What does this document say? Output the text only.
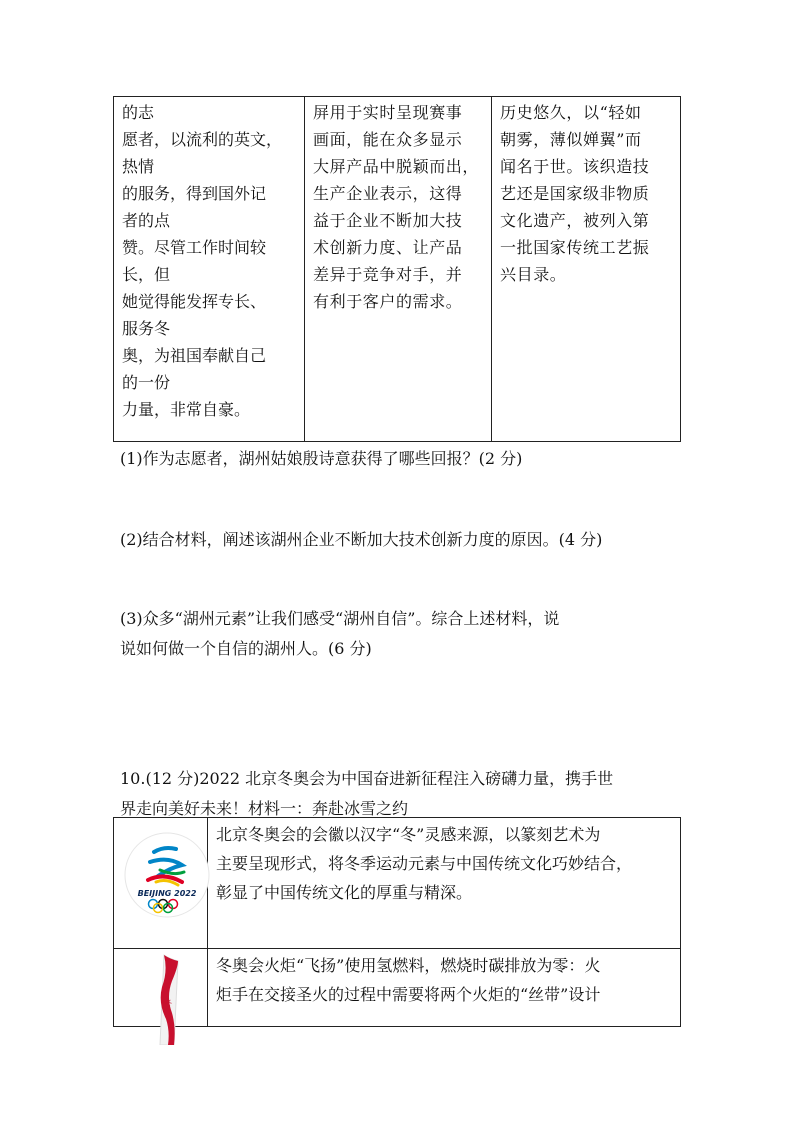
的志
愿者，以流利的英文，
热情
的服务，得到国外记
者的点
赞。尽管工作时间较
长，但
她觉得能发挥专长、
服务冬
奥，为祖国奉献自己
的一份
力量，非常自豪。

屏用于实时呈现赛事
画面，能在众多显示
大屏产品中脱颖而出，
生产企业表示，这得
益于企业不断加大技
术创新力度、让产品
差异于竞争对手，并
有利于客户的需求。

历史悠久，以“轻如
朝雾，薄似婵翼”而
闻名于世。该织造技
艺还是国家级非物质
文化遗产，被列入第
一批国家传统工艺振
兴目录。
(1)作为志愿者，湖州姑娘殷诗意获得了哪些回报？(2 分)
(2)结合材料，阐述该湖州企业不断加大技术创新力度的原因。(4 分)
(3)众多“湖州元素”让我们感受“湖州自信”。综合上述材料，说
说如何做一个自信的湖州人。(6 分)
10.(12 分)2022 北京冬奥会为中国奋进新征程注入磅礴力量，携手世
界走向美好未来！材料一：奔赴冰雪之约
BEIJING 2022	北京冬奥会的会徽以汉字“冬”灵感来源，以篆刻艺术为
主要呈现形式，将冬季运动元素与中国传统文化巧妙结合，
彰显了中国传统文化的厚重与精深。

冬	冬奥会火炬“飞扬”使用氢燃料，燃烧时碳排放为零：火
炬手在交接圣火的过程中需要将两个火炬的“丝带”设计
